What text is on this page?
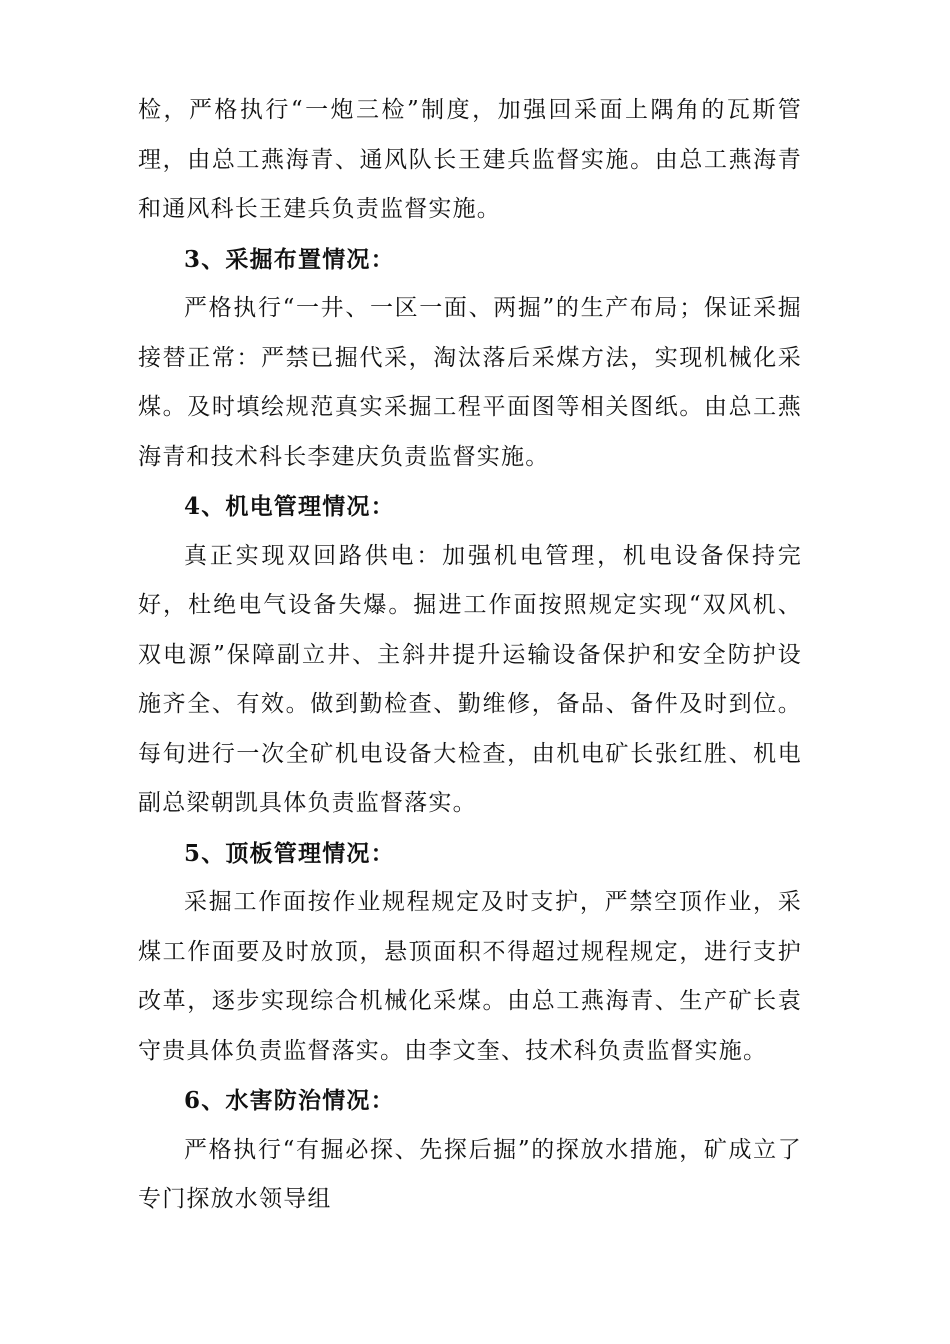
检，严格执行“一炮三检”制度，加强回采面上隅角的瓦斯管理，由总工燕海青、通风队长王建兵监督实施。由总工燕海青和通风科长王建兵负责监督实施。

3、采掘布置情况：

严格执行“一井、一区一面、两掘”的生产布局；保证采掘接替正常：严禁已掘代采，淘汰落后采煤方法，实现机械化采煤。及时填绘规范真实采掘工程平面图等相关图纸。由总工燕海青和技术科长李建庆负责监督实施。

4、机电管理情况：

真正实现双回路供电：加强机电管理，机电设备保持完好，杜绝电气设备失爆。掘进工作面按照规定实现“双风机、双电源”保障副立井、主斜井提升运输设备保护和安全防护设施齐全、有效。做到勤检查、勤维修，备品、备件及时到位。每旬进行一次全矿机电设备大检查，由机电矿长张红胜、机电副总梁朝凯具体负责监督落实。

5、顶板管理情况：

采掘工作面按作业规程规定及时支护，严禁空顶作业，采煤工作面要及时放顶，悬顶面积不得超过规程规定，进行支护改革，逐步实现综合机械化采煤。由总工燕海青、生产矿长袁守贵具体负责监督落实。由李文奎、技术科负责监督实施。

6、水害防治情况：

严格执行“有掘必探、先探后掘”的探放水措施，矿成立了专门探放水领导组
